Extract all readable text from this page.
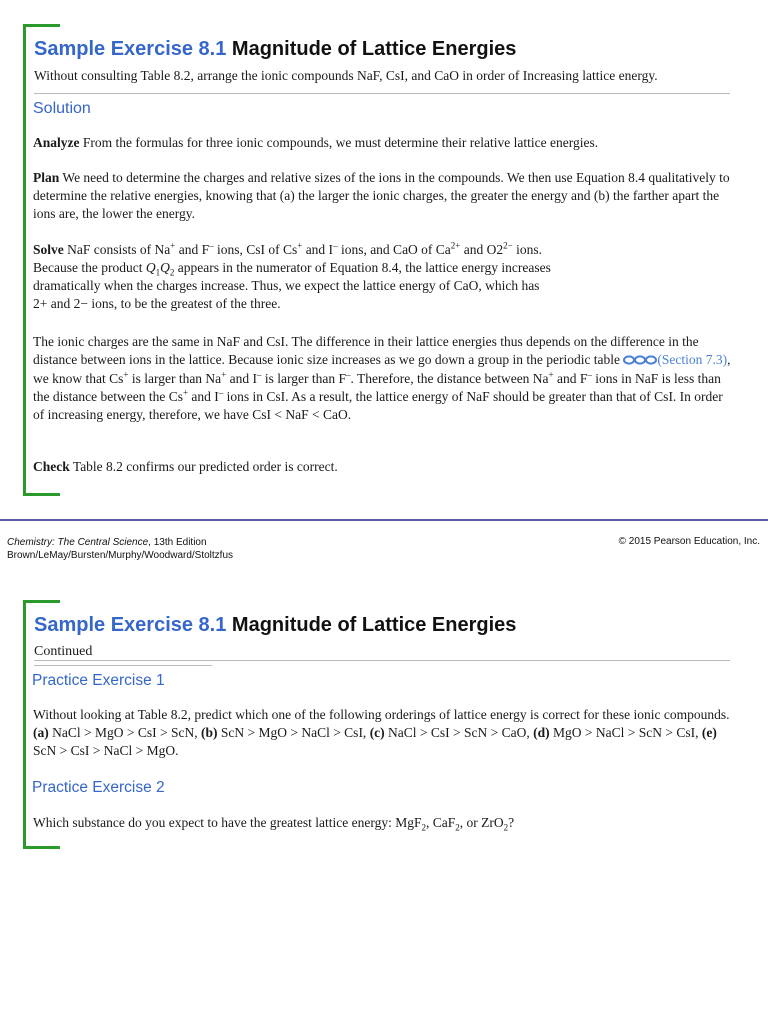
Sample Exercise 8.1 Magnitude of Lattice Energies

Without consulting Table 8.2, arrange the ionic compounds NaF, CsI, and CaO in order of Increasing lattice energy.

Solution

Analyze From the formulas for three ionic compounds, we must determine their relative lattice energies.

Plan We need to determine the charges and relative sizes of the ions in the compounds. We then use Equation 8.4 qualitatively to determine the relative energies, knowing that (a) the larger the ionic charges, the greater the energy and (b) the farther apart the ions are, the lower the energy.

Solve NaF consists of Na+ and F– ions, CsI of Cs+ and I– ions, and CaO of $Ca^{2+}$ and $O2^{2-}$ ions.
Because the product $Q_1Q_2$ appears in the numerator of Equation 8.4, the lattice energy increases
dramatically when the charges increase. Thus, we expect the lattice energy of CaO, which has
2+ and 2− ions, to be the greatest of the three.

The ionic charges are the same in NaF and CsI. The difference in their lattice energies thus depends on the difference in the distance between ions in the lattice. Because ionic size increases as we go down a group in the periodic table	(Section 7.3), we know that Cs+ is larger than Na+ and I– is larger than F–. Therefore, the distance between Na+ and F– ions in NaF is less than the distance between the Cs+ and I– ions in CsI. As a result, the lattice energy of NaF should be greater than that of CsI. In order of increasing energy, therefore, we have CsI < NaF < CaO.

Check Table 8.2 confirms our predicted order is correct.

Chemistry: The Central Science, 13th Edition
Brown/LeMay/Bursten/Murphy/Woodward/Stoltzfus

© 2015 Pearson Education, Inc.

Sample Exercise 8.1 Magnitude of Lattice Energies

Continued

Practice Exercise 1

Without looking at Table 8.2, predict which one of the following orderings of lattice energy is correct for these ionic compounds. (a) NaCl > MgO > CsI > ScN, (b) ScN > MgO > NaCl > CsI, (c) NaCl > CsI > ScN > CaO, (d) MgO > NaCl > ScN > CsI, (e) ScN > CsI > NaCl > MgO.

Practice Exercise 2

Which substance do you expect to have the greatest lattice energy: MgF$_2$, CaF$_2$, or ZrO$_2$?
